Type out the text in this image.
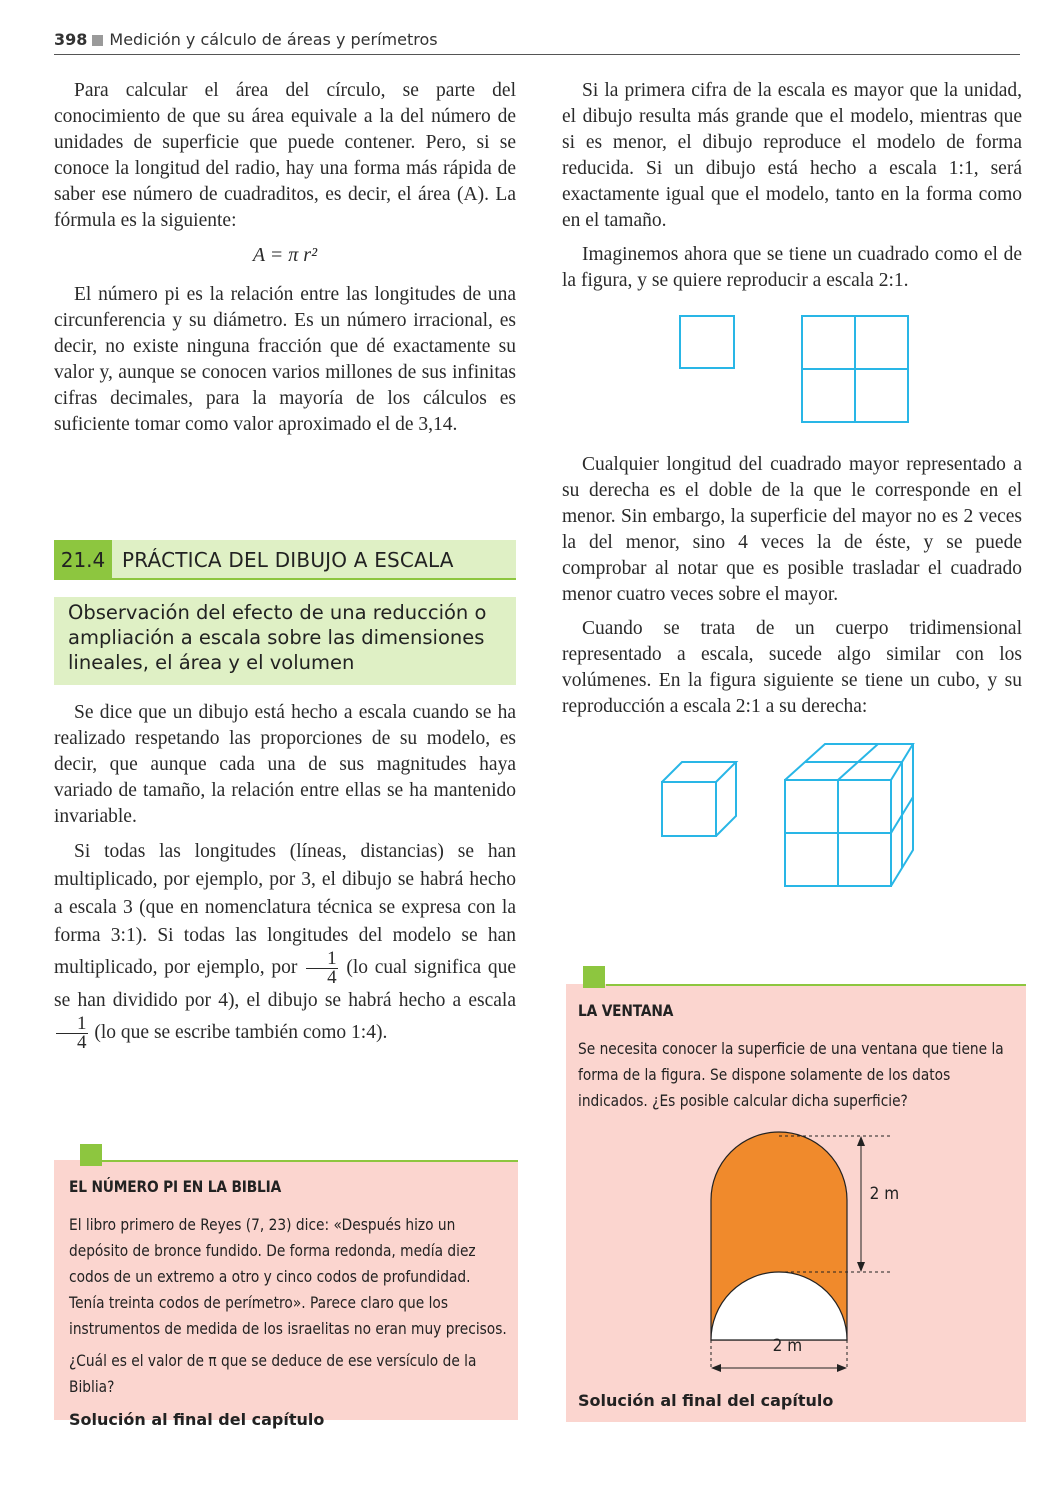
398 Medición y cálculo de áreas y perímetros

Para calcular el área del círculo, se parte del conocimiento de que su área equivale a la del número de unidades de superficie que puede contener. Pero, si se conoce la longitud del radio, hay una forma más rápida de saber ese número de cuadraditos, es decir, el área (A). La fórmula es la siguiente:

A = π r²

El número pi es la relación entre las longitudes de una circunferencia y su diámetro. Es un número irracional, es decir, no existe ninguna fracción que dé exactamente su valor y, aunque se conocen varios millones de sus infinitas cifras decimales, para la mayoría de los cálculos es suficiente tomar como valor aproximado el de 3,14.

21.4 PRÁCTICA DEL DIBUJO A ESCALA
Observación del efecto de una reducción o ampliación a escala sobre las dimensiones lineales, el área y el volumen

Se dice que un dibujo está hecho a escala cuando se ha realizado respetando las proporciones de su modelo, es decir, que aunque cada una de sus magnitudes haya variado de tamaño, la relación entre ellas se ha mantenido invariable.

Si todas las longitudes (líneas, distancias) se han multiplicado, por ejemplo, por 3, el dibujo se habrá hecho a escala 3 (que en nomenclatura técnica se expresa con la forma 3:1). Si todas las longitudes del modelo se han multiplicado, por ejemplo, por $\frac{1}{4} (lo$ cual significa que se han dividido por 4), el dibujo se habrá hecho a escala
$\frac{1}{4} (lo$ que se escribe también como 1:4).

EL NÚMERO PI EN LA BIBLIA
El libro primero de Reyes (7, 23) dice: «Después hizo un depósito de bronce fundido. De forma redonda, medía diez codos de un extremo a otro y cinco codos de profundidad. Tenía treinta codos de perímetro». Parece claro que los instrumentos de medida de los israelitas no eran muy precisos.
¿Cuál es el valor de π que se deduce de ese versículo de la Biblia?
Solución al final del capítulo

Si la primera cifra de la escala es mayor que la unidad, el dibujo resulta más grande que el modelo, mientras que si es menor, el dibujo reproduce el modelo de forma reducida. Si un dibujo está hecho a escala 1:1, será exactamente igual que el modelo, tanto en la forma como en el tamaño.

Imaginemos ahora que se tiene un cuadrado como el de la figura, y se quiere reproducir a escala 2:1.

Cualquier longitud del cuadrado mayor representado a su derecha es el doble de la que le corresponde en el menor. Sin embargo, la superficie del mayor no es 2 veces la del menor, sino 4 veces la de éste, y se puede comprobar al notar que es posible trasladar el cuadrado menor cuatro veces sobre el mayor.

Cuando se trata de un cuerpo tridimensional representado a escala, sucede algo similar con los volúmenes. En la figura siguiente se tiene un cubo, y su reproducción a escala 2:1 a su derecha:

LA VENTANA
Se necesita conocer la superficie de una ventana que tiene la forma de la figura. Se dispone solamente de los datos indicados. ¿Es posible calcular dicha superficie?
2 m
2 m
Solución al final del capítulo
